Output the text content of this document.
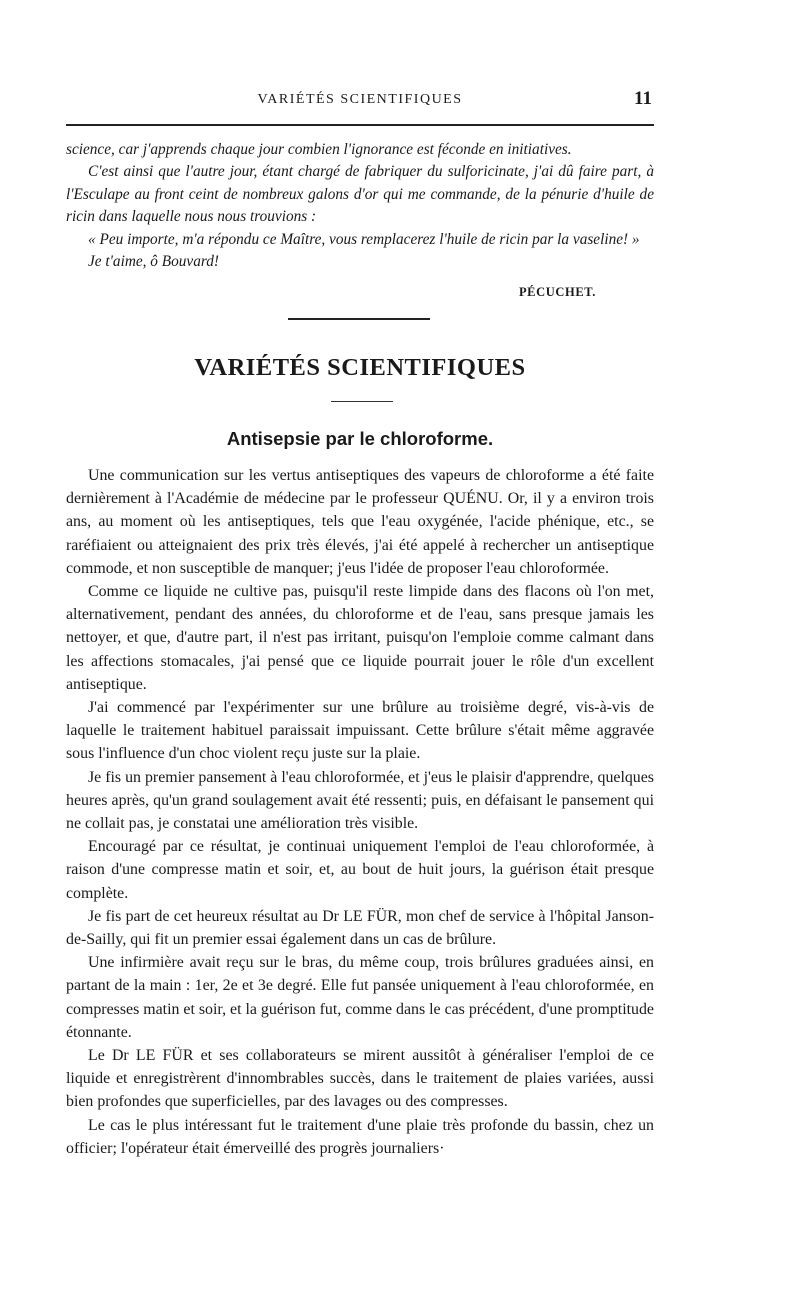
VARIÉTÉS SCIENTIFIQUES	11

science, car j'apprends chaque jour combien l'ignorance est féconde en initiatives.

C'est ainsi que l'autre jour, étant chargé de fabriquer du sulforicinate, j'ai dû faire part, à l'Esculape au front ceint de nombreux galons d'or qui me commande, de la pénurie d'huile de ricin dans laquelle nous nous trouvions :

« Peu importe, m'a répondu ce Maître, vous remplacerez l'huile de ricin par la vaseline! »

Je t'aime, ô Bouvard!

PÉCUCHET.
VARIÉTÉS SCIENTIFIQUES
Antisepsie par le chloroforme.

Une communication sur les vertus antiseptiques des vapeurs de chloroforme a été faite dernièrement à l'Académie de médecine par le professeur QUÉNU. Or, il y a environ trois ans, au moment où les antiseptiques, tels que l'eau oxygénée, l'acide phénique, etc., se raréfiaient ou atteignaient des prix très élevés, j'ai été appelé à rechercher un antiseptique commode, et non susceptible de manquer; j'eus l'idée de proposer l'eau chloroformée.

Comme ce liquide ne cultive pas, puisqu'il reste limpide dans des flacons où l'on met, alternativement, pendant des années, du chloroforme et de l'eau, sans presque jamais les nettoyer, et que, d'autre part, il n'est pas irritant, puisqu'on l'emploie comme calmant dans les affections stomacales, j'ai pensé que ce liquide pourrait jouer le rôle d'un excellent antiseptique.

J'ai commencé par l'expérimenter sur une brûlure au troisième degré, vis-à-vis de laquelle le traitement habituel paraissait impuissant. Cette brûlure s'était même aggravée sous l'influence d'un choc violent reçu juste sur la plaie.

Je fis un premier pansement à l'eau chloroformée, et j'eus le plaisir d'apprendre, quelques heures après, qu'un grand soulagement avait été ressenti; puis, en défaisant le pansement qui ne collait pas, je constatai une amélioration très visible.

Encouragé par ce résultat, je continuai uniquement l'emploi de l'eau chloroformée, à raison d'une compresse matin et soir, et, au bout de huit jours, la guérison était presque complète.

Je fis part de cet heureux résultat au Dr LE FÜR, mon chef de service à l'hôpital Janson-de-Sailly, qui fit un premier essai également dans un cas de brûlure.

Une infirmière avait reçu sur le bras, du même coup, trois brûlures graduées ainsi, en partant de la main : 1er, 2e et 3e degré. Elle fut pansée uniquement à l'eau chloroformée, en compresses matin et soir, et la guérison fut, comme dans le cas précédent, d'une promptitude étonnante.

Le Dr LE FÜR et ses collaborateurs se mirent aussitôt à généraliser l'emploi de ce liquide et enregistrèrent d'innombrables succès, dans le traitement de plaies variées, aussi bien profondes que superficielles, par des lavages ou des compresses.

Le cas le plus intéressant fut le traitement d'une plaie très profonde du bassin, chez un officier; l'opérateur était émerveillé des progrès journaliers·
